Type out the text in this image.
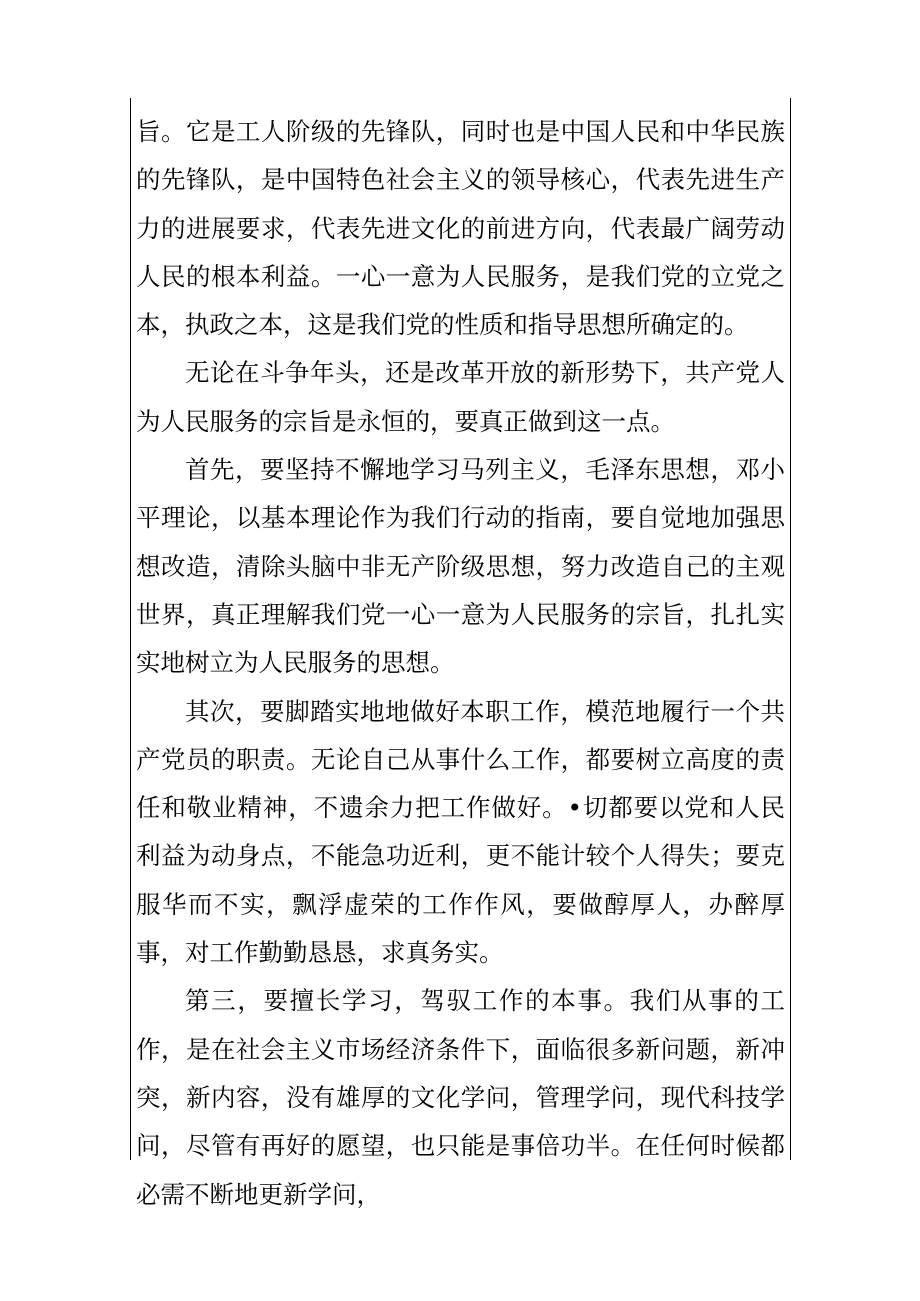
旨。它是工人阶级的先锋队，同时也是中国人民和中华民族的先锋队，是中国特色社会主义的领导核心，代表先进生产力的进展要求，代表先进文化的前进方向，代表最广阔劳动人民的根本利益。一心一意为人民服务，是我们党的立党之本，执政之本，这是我们党的性质和指导思想所确定的。

无论在斗争年头，还是改革开放的新形势下，共产党人为人民服务的宗旨是永恒的，要真正做到这一点。

首先，要坚持不懈地学习马列主义，毛泽东思想，邓小平理论，以基本理论作为我们行动的指南，要自觉地加强思想改造，清除头脑中非无产阶级思想，努力改造自己的主观世界，真正理解我们党一心一意为人民服务的宗旨，扎扎实实地树立为人民服务的思想。

其次，要脚踏实地地做好本职工作，模范地履行一个共产党员的职责。无论自己从事什么工作，都要树立高度的责任和敬业精神，不遗余力把工作做好。•切都要以党和人民利益为动身点，不能急功近利，更不能计较个人得失；要克服华而不实，飘浮虚荣的工作作风，要做醇厚人，办醉厚事，对工作勤勤恳恳，求真务实。

第三，要擅长学习，驾驭工作的本事。我们从事的工作，是在社会主义市场经济条件下，面临很多新问题，新冲突，新内容，没有雄厚的文化学问，管理学问，现代科技学问，尽管有再好的愿望，也只能是事倍功半。在任何时候都必需不断地更新学问，
